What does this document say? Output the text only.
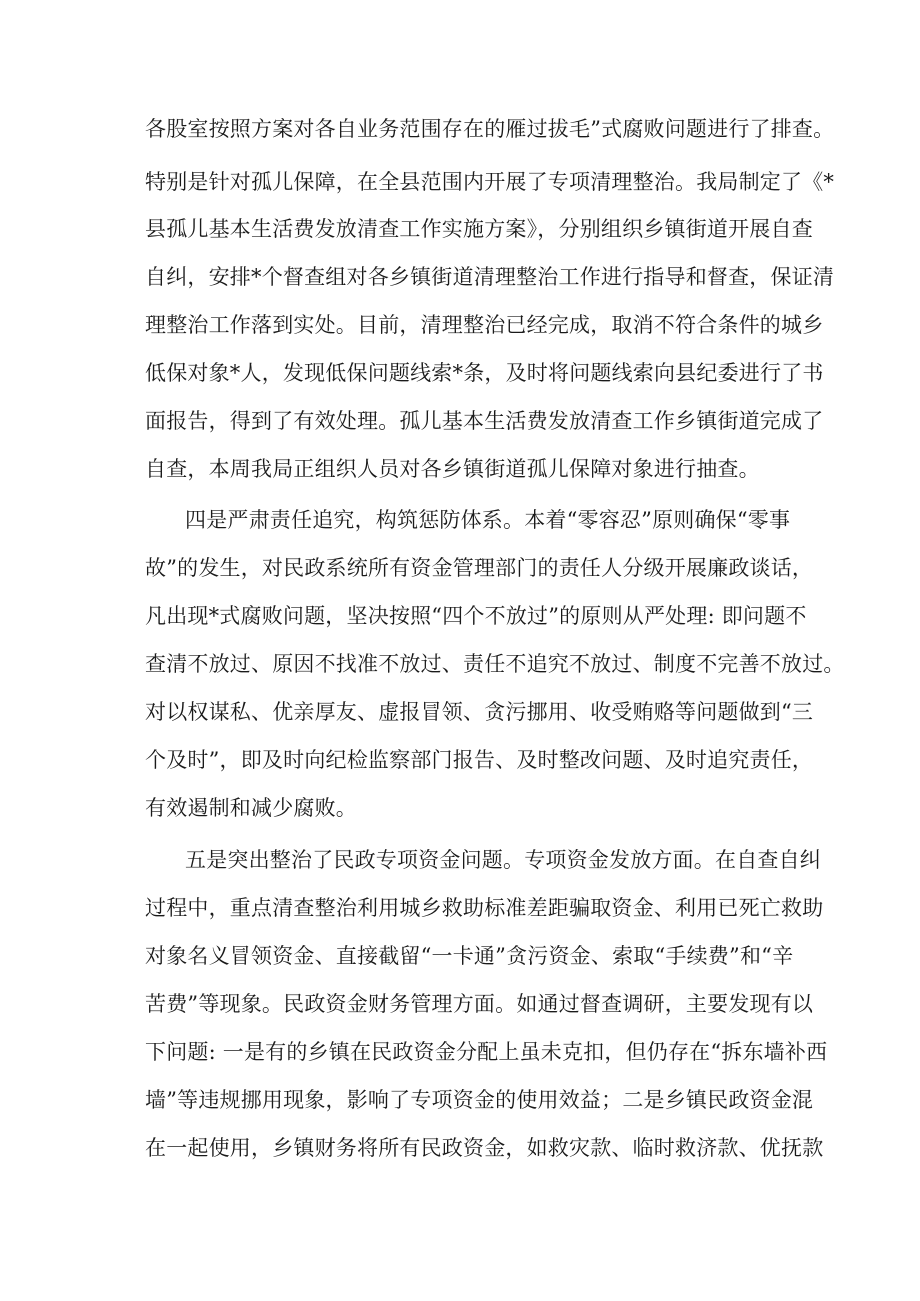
各股室按照方案对各自业务范围存在的雁过拔毛”式腐败问题进行了排查。
特别是针对孤儿保障，在全县范围内开展了专项清理整治。我局制定了《*
县孤儿基本生活费发放清查工作实施方案》，分别组织乡镇街道开展自查
自纠，安排*个督查组对各乡镇街道清理整治工作进行指导和督查，保证清
理整治工作落到实处。目前，清理整治已经完成，取消不符合条件的城乡
低保对象*人，发现低保问题线索*条，及时将问题线索向县纪委进行了书
面报告，得到了有效处理。孤儿基本生活费发放清查工作乡镇街道完成了
自查，本周我局正组织人员对各乡镇街道孤儿保障对象进行抽查。
四是严肃责任追究，构筑惩防体系。本着“零容忍”原则确保“零事
故”的发生，对民政系统所有资金管理部门的责任人分级开展廉政谈话，
凡出现*式腐败问题，坚决按照“四个不放过”的原则从严处理: 即问题不
查清不放过、原因不找准不放过、责任不追究不放过、制度不完善不放过。
对以权谋私、优亲厚友、虚报冒领、贪污挪用、收受贿赂等问题做到“三
个及时”，即及时向纪检监察部门报告、及时整改问题、及时追究责任，
有效遏制和减少腐败。
五是突出整治了民政专项资金问题。专项资金发放方面。在自查自纠
过程中，重点清查整治利用城乡救助标准差距骗取资金、利用已死亡救助
对象名义冒领资金、直接截留“一卡通”贪污资金、索取“手续费”和“辛
苦费”等现象。民政资金财务管理方面。如通过督查调研，主要发现有以
下问题: 一是有的乡镇在民政资金分配上虽未克扣，但仍存在“拆东墙补西
墙”等违规挪用现象，影响了专项资金的使用效益；二是乡镇民政资金混
在一起使用，乡镇财务将所有民政资金，如救灾款、临时救济款、优抚款
